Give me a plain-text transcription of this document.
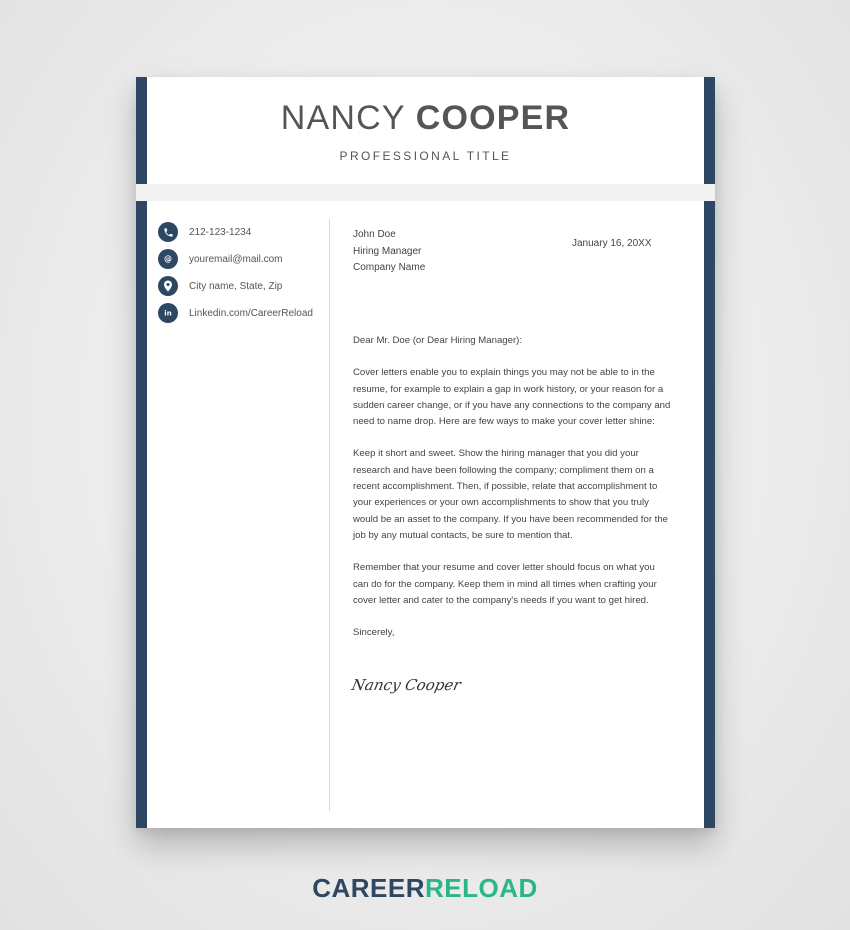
NANCY COOPER
PROFESSIONAL TITLE
212-123-1234
@ youremail@mail.com
City name, State, Zip
in Linkedin.com/CareerReload
John Doe
Hiring Manager
Company Name
January 16, 20XX

Dear Mr. Doe (or Dear Hiring Manager):

Cover letters enable you to explain things you may not be able to in the resume, for example to explain a gap in work history, or your reason for a sudden career change, or if you have any connections to the company and need to name drop. Here are few ways to make your cover letter shine:

Keep it short and sweet. Show the hiring manager that you did your research and have been following the company; compliment them on a recent accomplishment. Then, if possible, relate that accomplishment to your experiences or your own accomplishments to show that you truly would be an asset to the company. If you have been recommended for the job by any mutual contacts, be sure to mention that.

Remember that your resume and cover letter should focus on what you can do for the company. Keep them in mind all times when crafting your cover letter and cater to the company's needs if you want to get hired.

Sincerely,

Nancy Cooper
CAREERRELOAD
